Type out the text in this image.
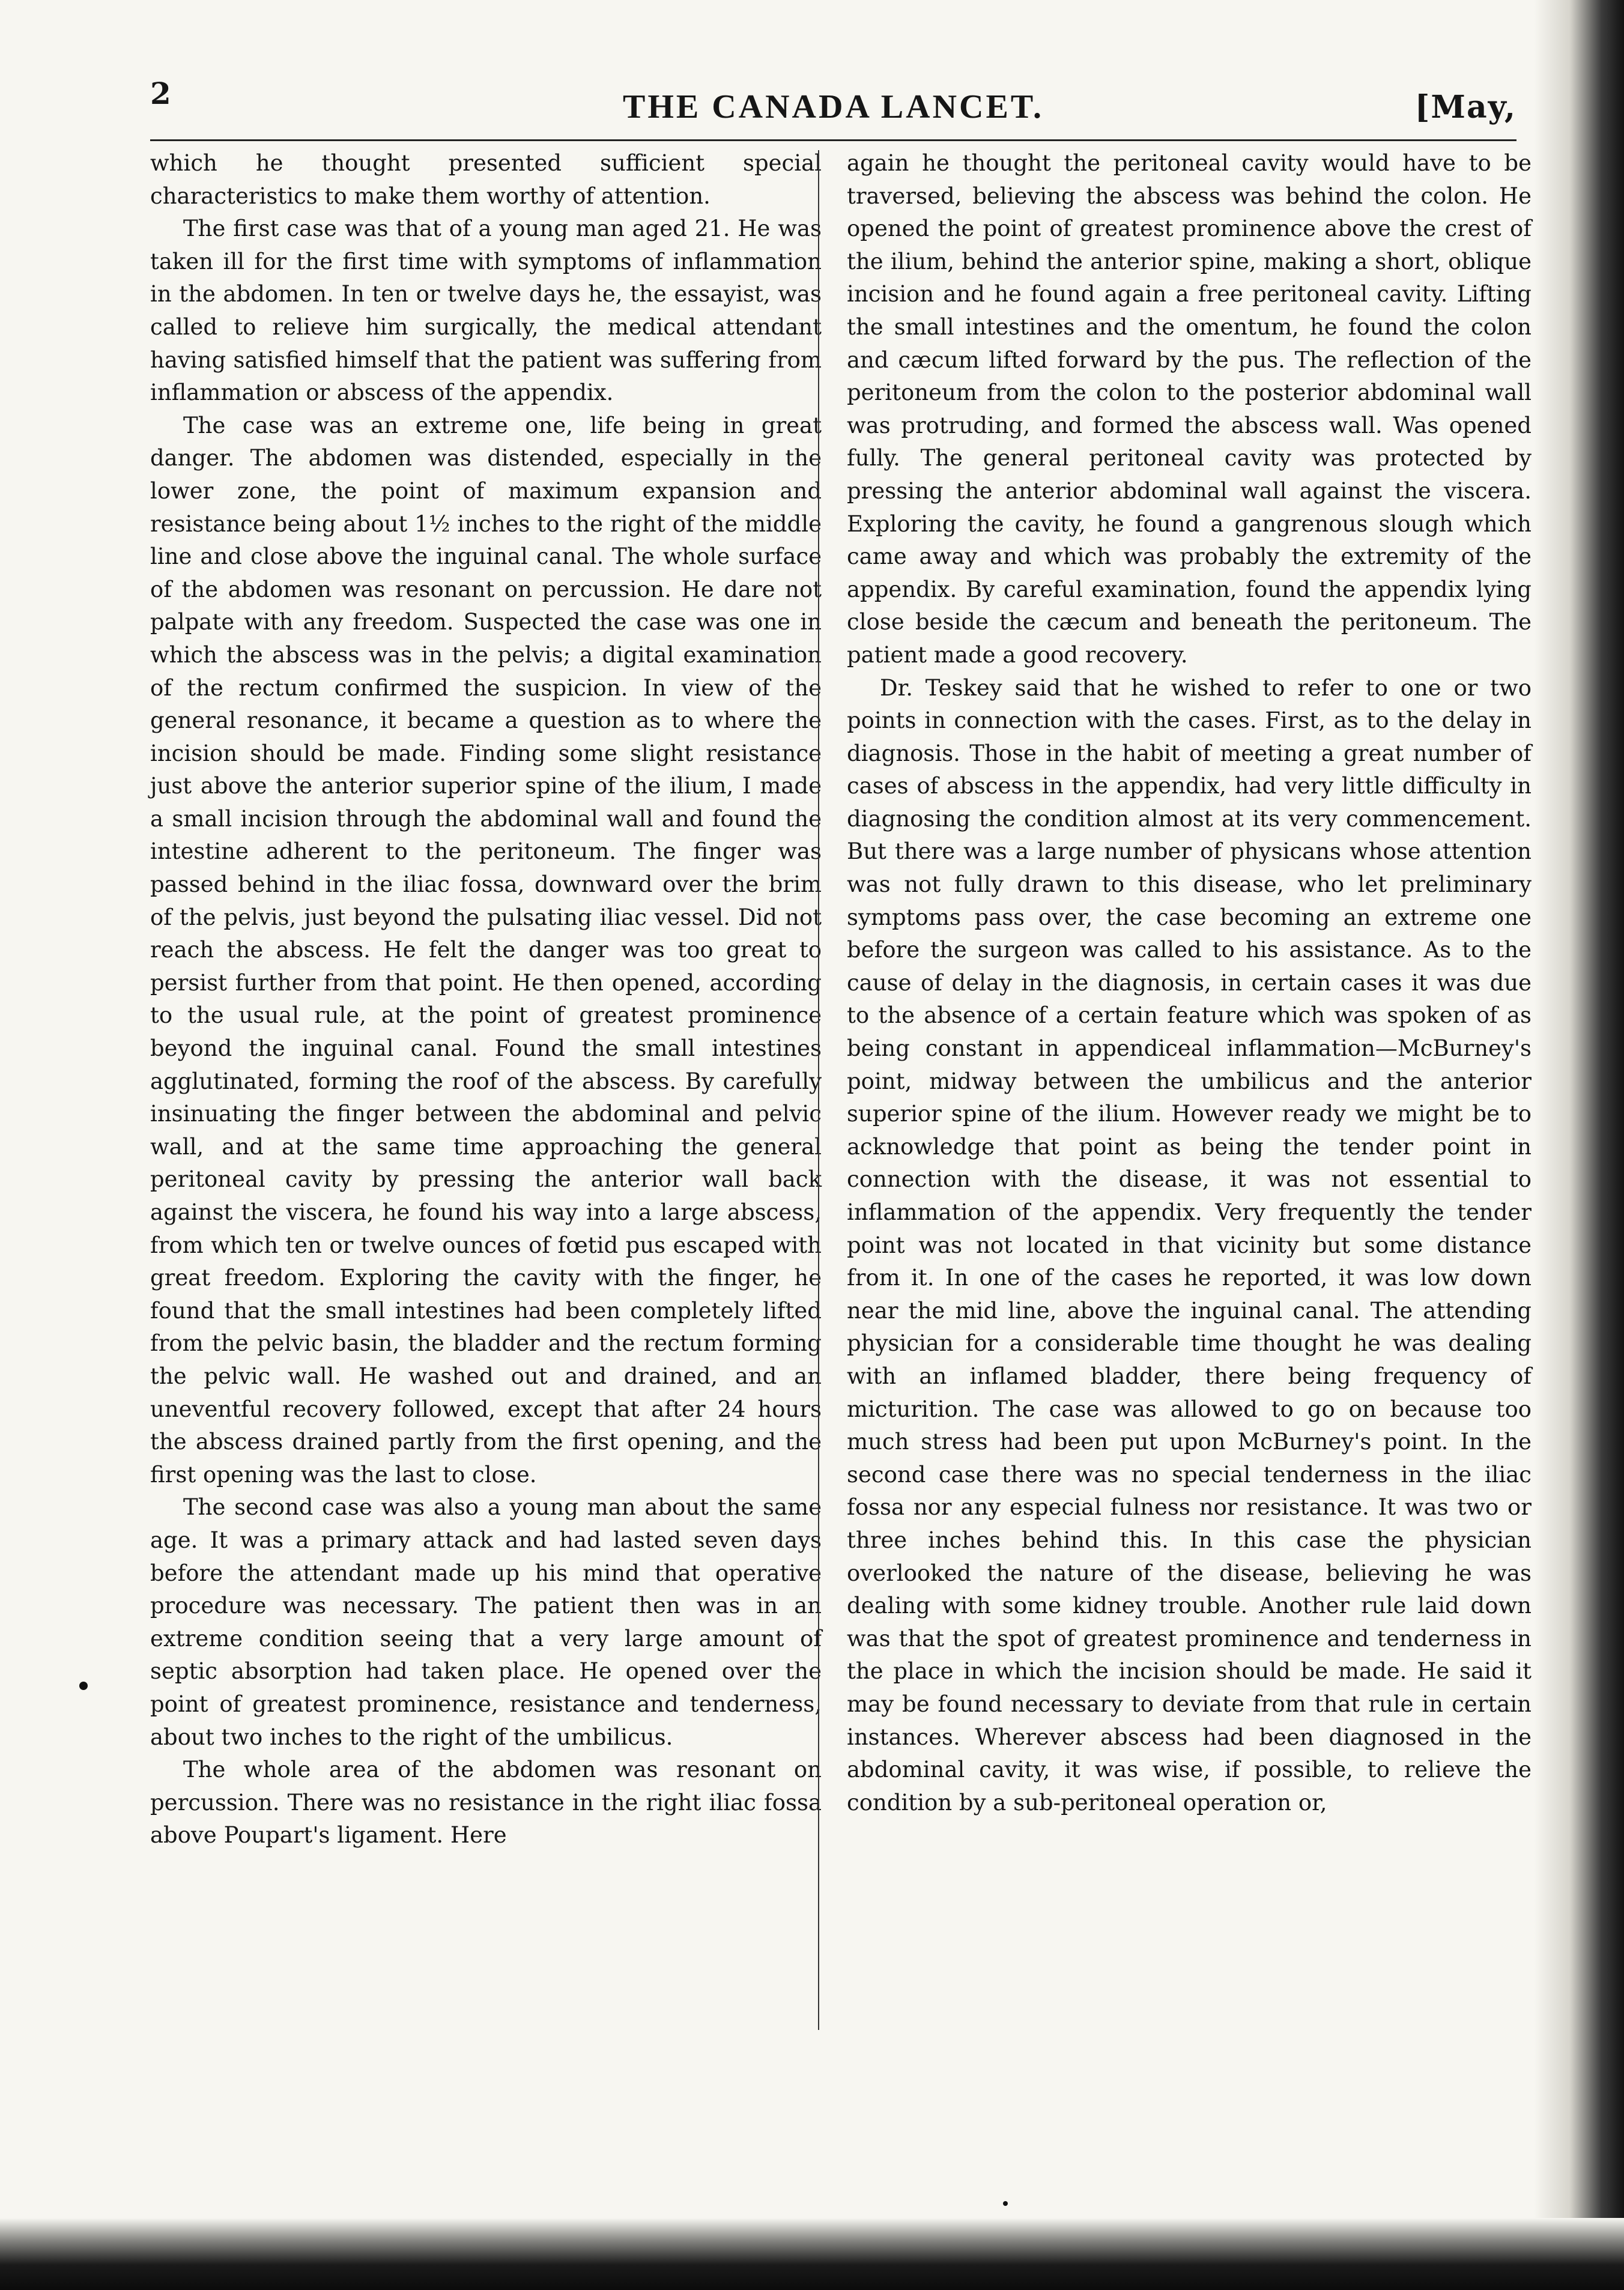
2	THE CANADA LANCET.	[May,

which he thought presented sufficient special characteristics to make them worthy of attention.

The first case was that of a young man aged 21. He was taken ill for the first time with symptoms of inflammation in the abdomen. In ten or twelve days he, the essayist, was called to relieve him surgically, the medical attendant having satisfied himself that the patient was suffering from inflammation or abscess of the appendix.

The case was an extreme one, life being in great danger. The abdomen was distended, especially in the lower zone, the point of maximum expansion and resistance being about 1½ inches to the right of the middle line and close above the inguinal canal. The whole surface of the abdomen was resonant on percussion. He dare not palpate with any freedom. Suspected the case was one in which the abscess was in the pelvis; a digital examination of the rectum confirmed the suspicion. In view of the general resonance, it became a question as to where the incision should be made. Finding some slight resistance just above the anterior superior spine of the ilium, I made a small incision through the abdominal wall and found the intestine adherent to the peritoneum. The finger was passed behind in the iliac fossa, downward over the brim of the pelvis, just beyond the pulsating iliac vessel. Did not reach the abscess. He felt the danger was too great to persist further from that point. He then opened, according to the usual rule, at the point of greatest prominence beyond the inguinal canal. Found the small intestines agglutinated, forming the roof of the abscess. By carefully insinuating the finger between the abdominal and pelvic wall, and at the same time approaching the general peritoneal cavity by pressing the anterior wall back against the viscera, he found his way into a large abscess, from which ten or twelve ounces of fœtid pus escaped with great freedom. Exploring the cavity with the finger, he found that the small intestines had been completely lifted from the pelvic basin, the bladder and the rectum forming the pelvic wall. He washed out and drained, and an uneventful recovery followed, except that after 24 hours the abscess drained partly from the first opening, and the first opening was the last to close.

The second case was also a young man about the same age. It was a primary attack and had lasted seven days before the attendant made up his mind that operative procedure was necessary. The patient then was in an extreme condition seeing that a very large amount of septic absorption had taken place. He opened over the point of greatest prominence, resistance and tenderness, about two inches to the right of the umbilicus.

The whole area of the abdomen was resonant on percussion. There was no resistance in the right iliac fossa above Poupart's ligament. Here

again he thought the peritoneal cavity would have to be traversed, believing the abscess was behind the colon. He opened the point of greatest prominence above the crest of the ilium, behind the anterior spine, making a short, oblique incision and he found again a free peritoneal cavity. Lifting the small intestines and the omentum, he found the colon and cæcum lifted forward by the pus. The reflection of the peritoneum from the colon to the posterior abdominal wall was protruding, and formed the abscess wall. Was opened fully. The general peritoneal cavity was protected by pressing the anterior abdominal wall against the viscera. Exploring the cavity, he found a gangrenous slough which came away and which was probably the extremity of the appendix. By careful examination, found the appendix lying close beside the cæcum and beneath the peritoneum. The patient made a good recovery.

Dr. Teskey said that he wished to refer to one or two points in connection with the cases. First, as to the delay in diagnosis. Those in the habit of meeting a great number of cases of abscess in the appendix, had very little difficulty in diagnosing the condition almost at its very commencement. But there was a large number of physicans whose attention was not fully drawn to this disease, who let preliminary symptoms pass over, the case becoming an extreme one before the surgeon was called to his assistance. As to the cause of delay in the diagnosis, in certain cases it was due to the absence of a certain feature which was spoken of as being constant in appendiceal inflammation—McBurney's point, midway between the umbilicus and the anterior superior spine of the ilium. However ready we might be to acknowledge that point as being the tender point in connection with the disease, it was not essential to inflammation of the appendix. Very frequently the tender point was not located in that vicinity but some distance from it. In one of the cases he reported, it was low down near the mid line, above the inguinal canal. The attending physician for a considerable time thought he was dealing with an inflamed bladder, there being frequency of micturition. The case was allowed to go on because too much stress had been put upon McBurney's point. In the second case there was no special tenderness in the iliac fossa nor any especial fulness nor resistance. It was two or three inches behind this. In this case the physician overlooked the nature of the disease, believing he was dealing with some kidney trouble. Another rule laid down was that the spot of greatest prominence and tenderness in the place in which the incision should be made. He said it may be found necessary to deviate from that rule in certain instances. Wherever abscess had been diagnosed in the abdominal cavity, it was wise, if possible, to relieve the condition by a sub-peritoneal operation or,
